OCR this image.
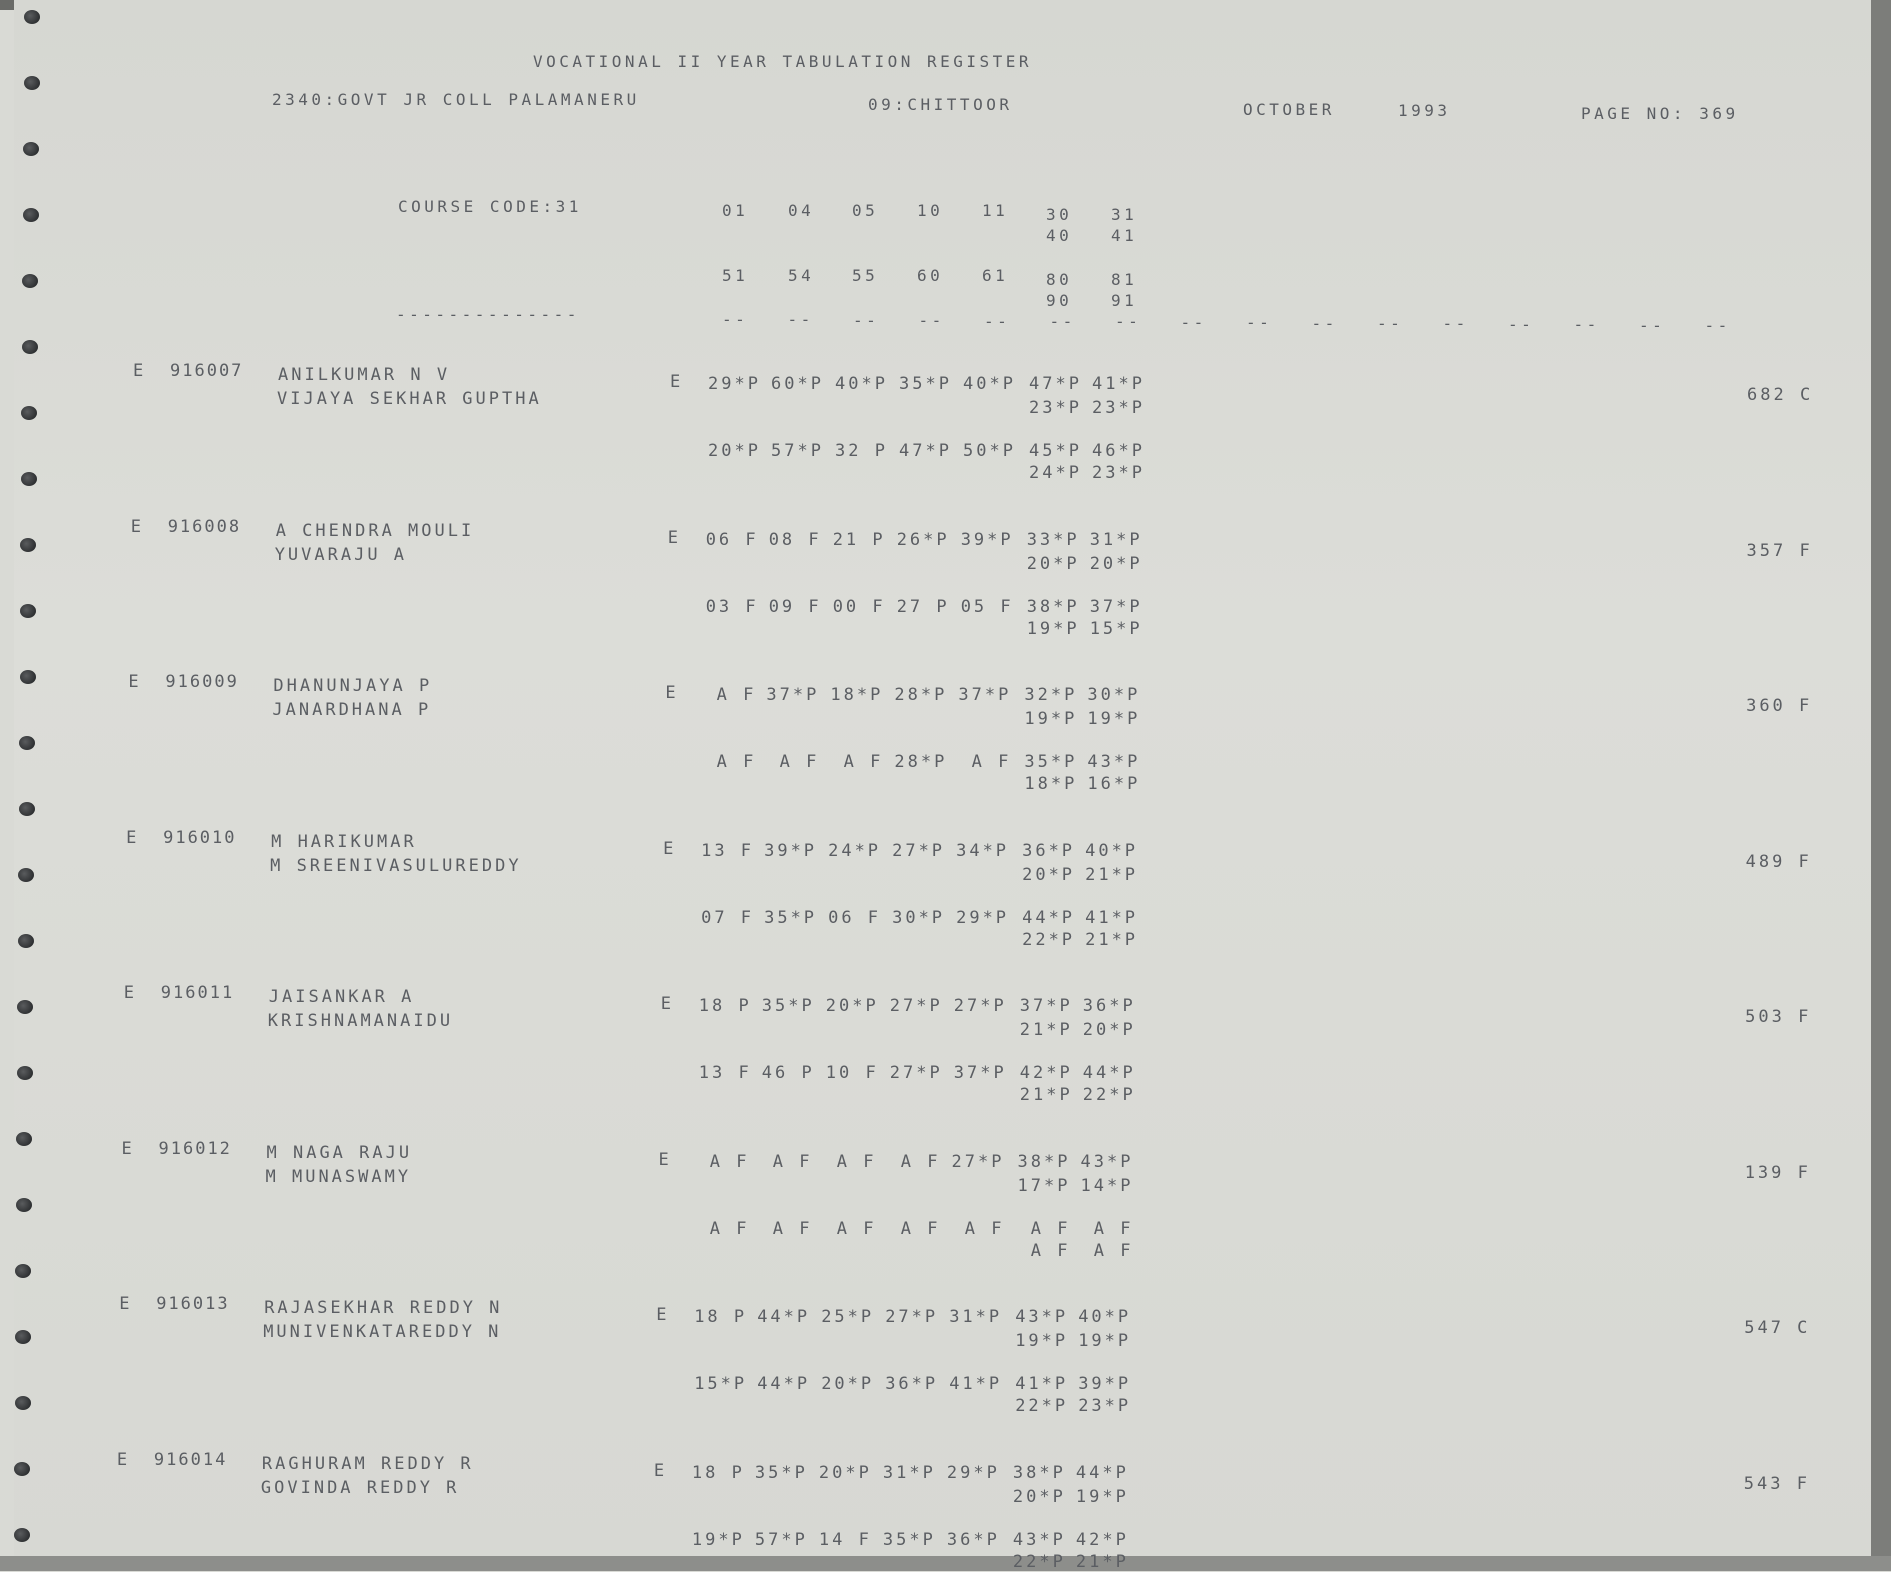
VOCATIONAL II YEAR TABULATION REGISTER
2340:GOVT JR COLL PALAMANERU	09:CHITTOOR	OCTOBER	1993	PAGE NO: 369
COURSE CODE:31
--------------
01 04 05 10 11 30 31
40 41
51 54 55 60 61 80 81
90 91
-- -- -- -- -- -- -- -- -- -- -- -- -- -- -- --
E 916007 ANILKUMAR N V
VIJAYA SEKHAR GUPTHA
E 29*P 60*P 40*P 35*P 40*P 47*P 41*P
23*P 23*P
20*P 57*P 32 P 47*P 50*P 45*P 46*P
24*P 23*P
682 C
E 916008 A CHENDRA MOULI
YUVARAJU A
E 06 F 08 F 21 P 26*P 39*P 33*P 31*P
20*P 20*P
03 F 09 F 00 F 27 P 05 F 38*P 37*P
19*P 15*P
357 F
E 916009 DHANUNJAYA P
JANARDHANA P
E A F 37*P 18*P 28*P 37*P 32*P 30*P
19*P 19*P
A F A F A F 28*P A F 35*P 43*P
18*P 16*P
360 F
E 916010 M HARIKUMAR
M SREENIVASULUREDDY
E 13 F 39*P 24*P 27*P 34*P 36*P 40*P
20*P 21*P
07 F 35*P 06 F 30*P 29*P 44*P 41*P
22*P 21*P
489 F
E 916011 JAISANKAR A
KRISHNAMANAIDU
E 18 P 35*P 20*P 27*P 27*P 37*P 36*P
21*P 20*P
13 F 46 P 10 F 27*P 37*P 42*P 44*P
21*P 22*P
503 F
E 916012 M NAGA RAJU
M MUNASWAMY
E A F A F A F A F 27*P 38*P 43*P
17*P 14*P
A F A F A F A F A F A F A F
A F A F
139 F
E 916013 RAJASEKHAR REDDY N
MUNIVENKATAREDDY N
E 18 P 44*P 25*P 27*P 31*P 43*P 40*P
19*P 19*P
15*P 44*P 20*P 36*P 41*P 41*P 39*P
22*P 23*P
547 C
E 916014 RAGHURAM REDDY R
GOVINDA REDDY R
E 18 P 35*P 20*P 31*P 29*P 38*P 44*P
20*P 19*P
19*P 57*P 14 F 35*P 36*P 43*P 42*P
22*P 21*P
543 F
